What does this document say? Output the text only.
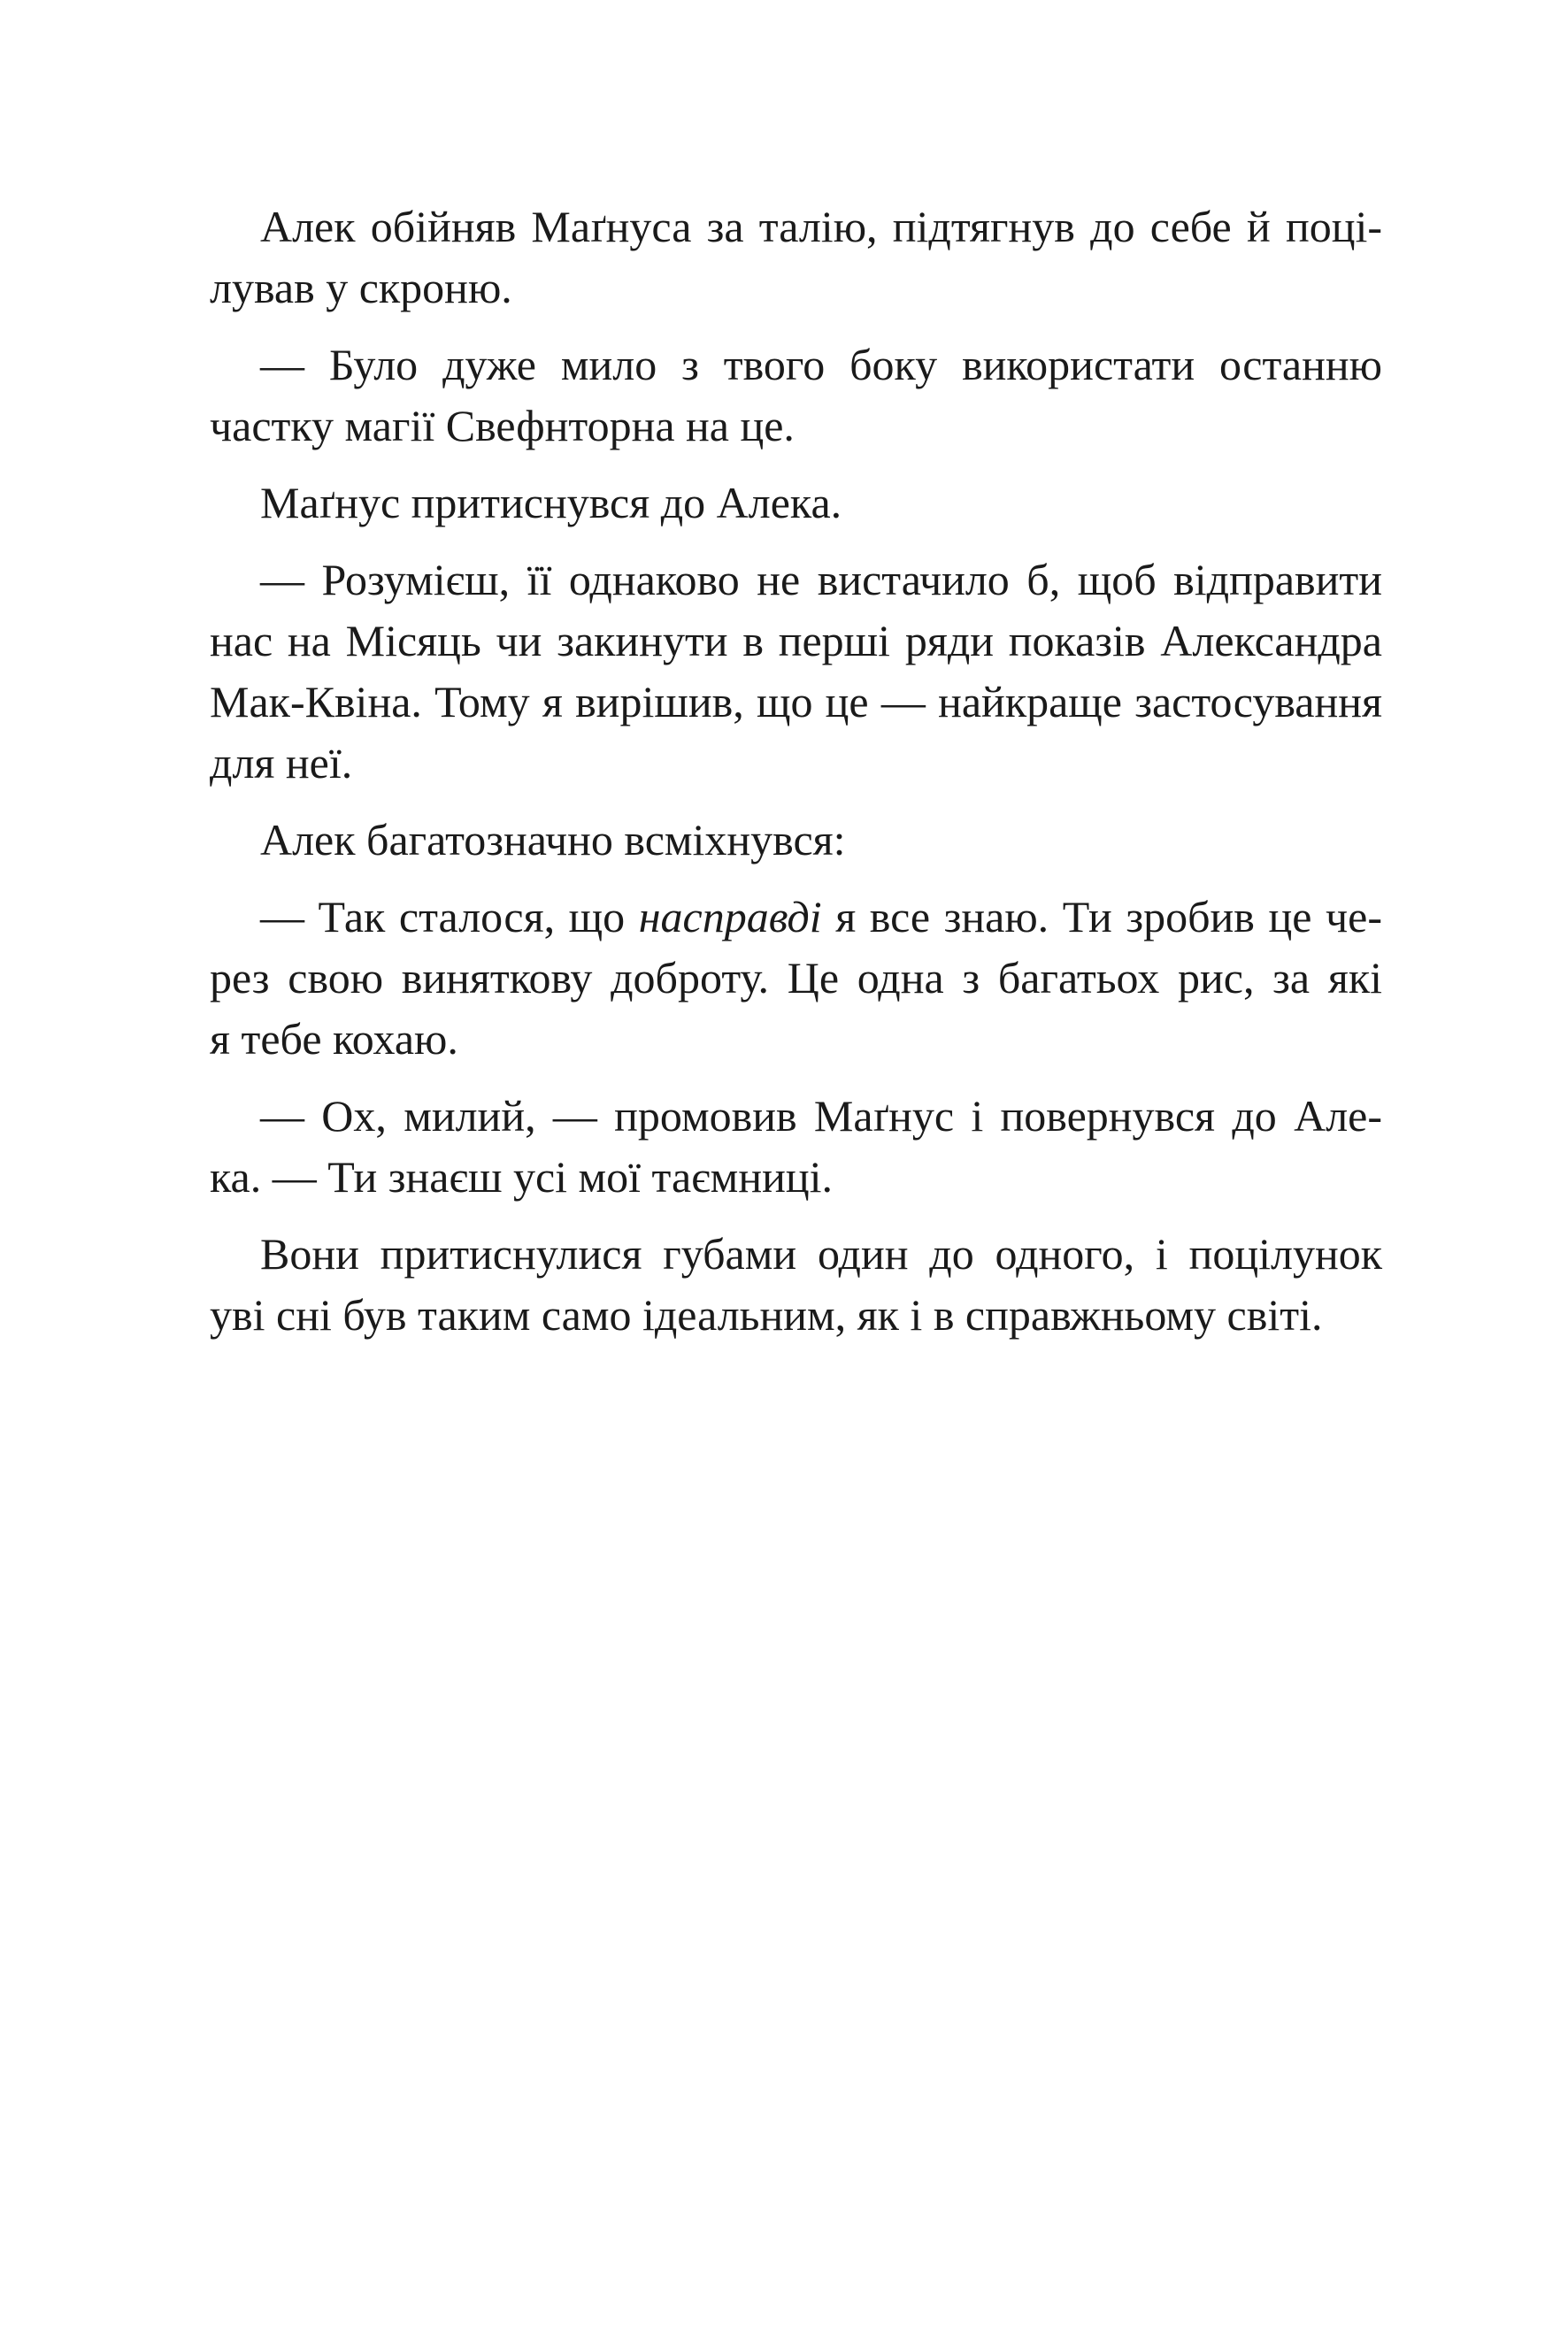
Алек обійняв Маґнуса за талію, підтягнув до себе й поці-
лував у скроню.
— Було дуже мило з твого боку використати останню
частку магії Свефнторна на це.
Маґнус притиснувся до Алека.
— Розумієш, її однаково не вистачило б, щоб відправити
нас на Місяць чи закинути в перші ряди показів Александра
Мак-Квіна. Тому я вирішив, що це — найкраще застосування
для неї.
Алек багатозначно всміхнувся:
— Так сталося, що насправді я все знаю. Ти зробив це че-
рез свою виняткову доброту. Це одна з багатьох рис, за які
я тебе кохаю.
— Ох, милий, — промовив Маґнус і повернувся до Але-
ка. — Ти знаєш усі мої таємниці.
Вони притиснулися губами один до одного, і поцілунок
уві сні був таким само ідеальним, як і в справжньому світі.
